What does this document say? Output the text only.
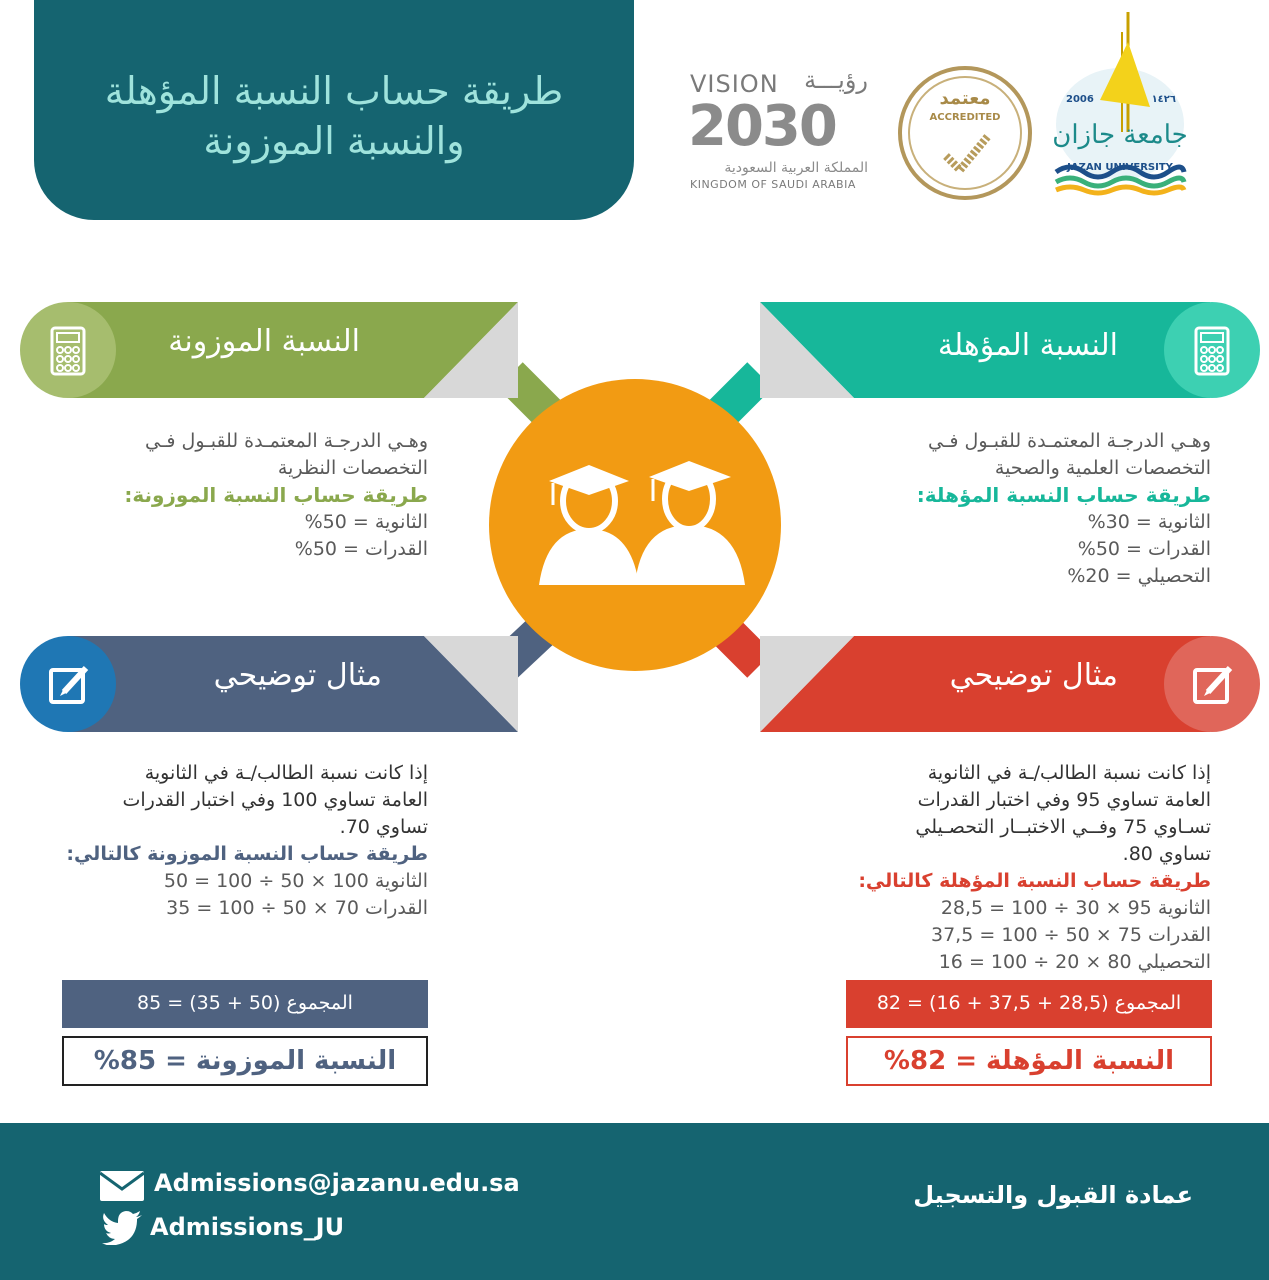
طريقة حساب النسبة المؤهلة
والنسبة الموزونة
VISION رؤيـــة
2030
المملكة العربية السعودية
KINGDOM OF SAUDI ARABIA
معتمد
ACCREDITED
2006	١٤٢٦
جامعة جازان
JAZAN UNIVERSITY
النسبة الموزونة	النسبة المؤهلة
مثال توضيحي	مثال توضيحي
وهـي الدرجـة المعتمـدة للقبـول فـي
التخصصات العلمية والصحية
طريقة حساب النسبة المؤهلة:
الثانوية = 30%
القدرات = 50%
التحصيلي = 20%
وهـي الدرجـة المعتمـدة للقبـول فـي
التخصصات النظرية
طريقة حساب النسبة الموزونة:
الثانوية = 50%
القدرات = 50%
إذا كانت نسبة الطالب/ـة في الثانوية
العامة تساوي 95 وفي اختبار القدرات
تسـاوي 75 وفــي الاختبــار التحصـيلي
تساوي 80.
طريقة حساب النسبة المؤهلة كالتالي:
الثانوية 95 × 30 ÷ 100 = 28,5
القدرات 75 × 50 ÷ 100 = 37,5
التحصيلي 80 × 20 ÷ 100 = 16
إذا كانت نسبة الطالب/ـة في الثانوية
العامة تساوي 100 وفي اختبار القدرات
تساوي 70.
طريقة حساب النسبة الموزونة كالتالي:
الثانوية 100 × 50 ÷ 100 = 50
القدرات 70 × 50 ÷ 100 = 35
المجموع (28,5 + 37,5 + 16) = 82
النسبة المؤهلة = 82%
المجموع (50 + 35) = 85
النسبة الموزونة = 85%
Admissions@jazanu.edu.sa
Admissions_JU
عمادة القبول والتسجيل
